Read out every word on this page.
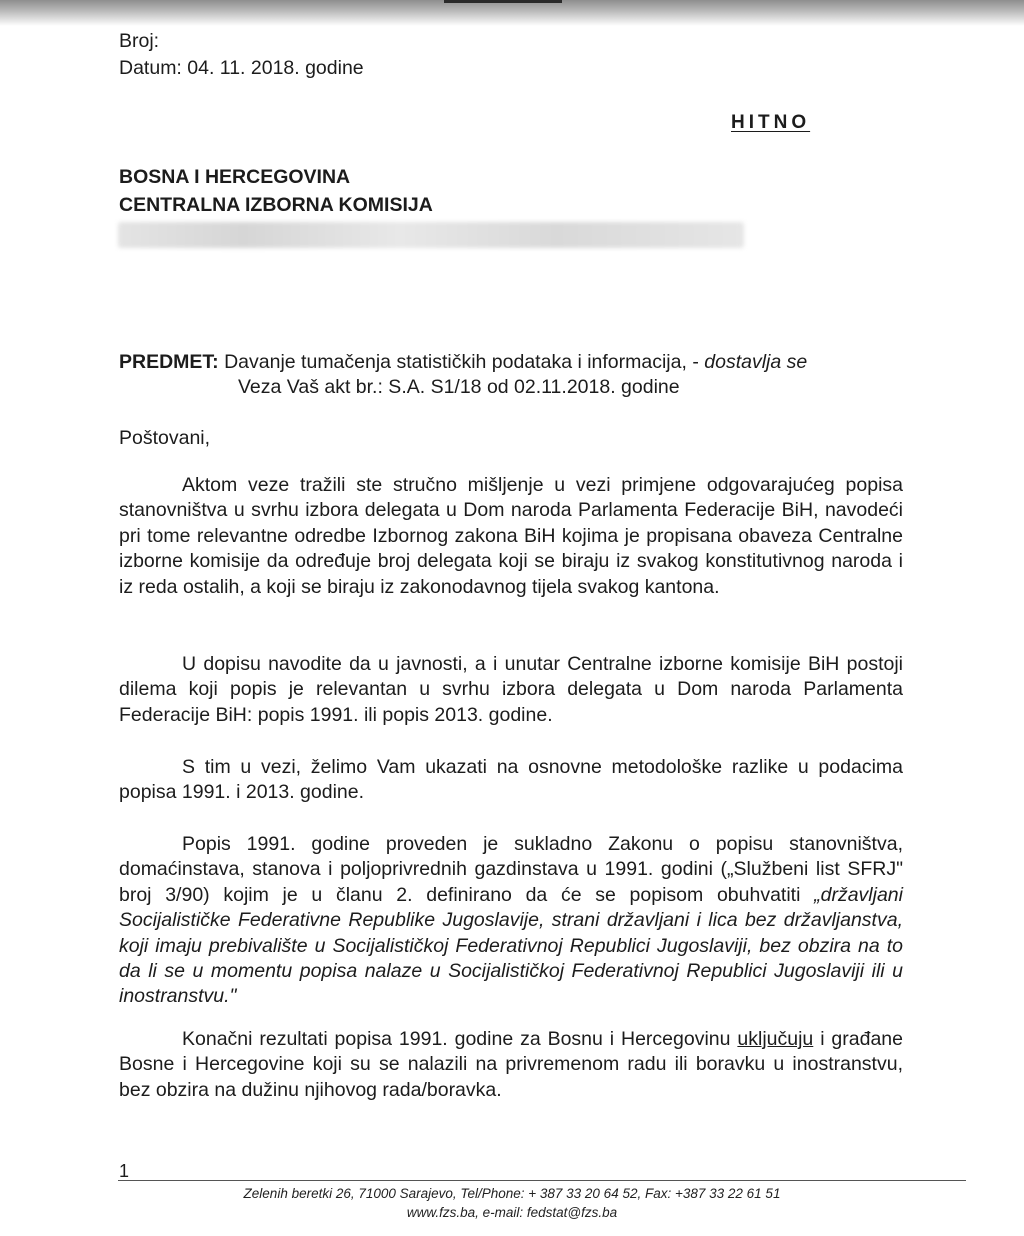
Broj:
Datum: 04. 11. 2018. godine
HITNO
BOSNA I HERCEGOVINA
CENTRALNA IZBORNA KOMISIJA
PREDMET: Davanje tumačenja statističkih podataka i informacija, - dostavlja se
Veza Vaš akt br.: S.A. S1/18 od 02.11.2018. godine
Poštovani,

Aktom veze tražili ste stručno mišljenje u vezi primjene odgovarajućeg popisa stanovništva u svrhu izbora delegata u Dom naroda Parlamenta Federacije BiH, navodeći pri tome relevantne odredbe Izbornog zakona BiH kojima je propisana obaveza Centralne izborne komisije da određuje broj delegata koji se biraju iz svakog konstitutivnog naroda i iz reda ostalih, a koji se biraju iz zakonodavnog tijela svakog kantona.

U dopisu navodite da u javnosti, a i unutar Centralne izborne komisije BiH postoji dilema koji popis je relevantan u svrhu izbora delegata u Dom naroda Parlamenta Federacije BiH: popis 1991. ili popis 2013. godine.

S tim u vezi, želimo Vam ukazati na osnovne metodološke razlike u podacima popisa 1991. i 2013. godine.

Popis 1991. godine proveden je sukladno Zakonu o popisu stanovništva, domaćinstava, stanova i poljoprivrednih gazdinstava u 1991. godini („Službeni list SFRJ" broj 3/90) kojim je u članu 2. definirano da će se popisom obuhvatiti „državljani Socijalističke Federativne Republike Jugoslavije, strani državljani i lica bez državljanstva, koji imaju prebivalište u Socijalističkoj Federativnoj Republici Jugoslaviji, bez obzira na to da li se u momentu popisa nalaze u Socijalističkoj Federativnoj Republici Jugoslaviji ili u inostranstvu."

Konačni rezultati popisa 1991. godine za Bosnu i Hercegovinu uključuju i građane Bosne i Hercegovine koji su se nalazili na privremenom radu ili boravku u inostranstvu, bez obzira na dužinu njihovog rada/boravka.

1
Zelenih beretki 26, 71000 Sarajevo, Tel/Phone: + 387 33 20 64 52, Fax: +387 33 22 61 51
www.fzs.ba, e-mail: fedstat@fzs.ba
